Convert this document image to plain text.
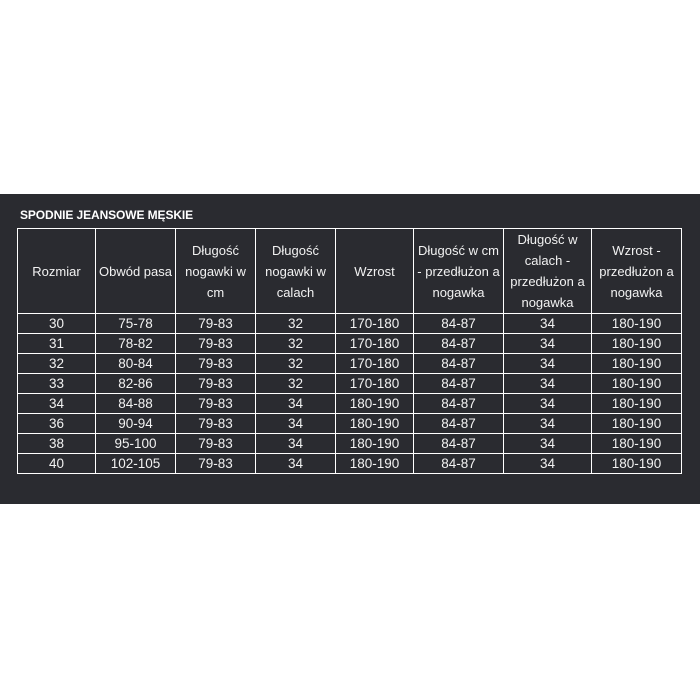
SPODNIE JEANSOWE MĘSKIE
Rozmiar	Obwód pasa	Długość nogawki w cm	Długość nogawki w calach	Wzrost	Długość w cm - przedłużon a nogawka	Długość w calach - przedłużon a nogawka	Wzrost - przedłużon a nogawka
30	75-78	79-83	32	170-180	84-87	34	180-190
31	78-82	79-83	32	170-180	84-87	34	180-190
32	80-84	79-83	32	170-180	84-87	34	180-190
33	82-86	79-83	32	170-180	84-87	34	180-190
34	84-88	79-83	34	180-190	84-87	34	180-190
36	90-94	79-83	34	180-190	84-87	34	180-190
38	95-100	79-83	34	180-190	84-87	34	180-190
40	102-105	79-83	34	180-190	84-87	34	180-190
